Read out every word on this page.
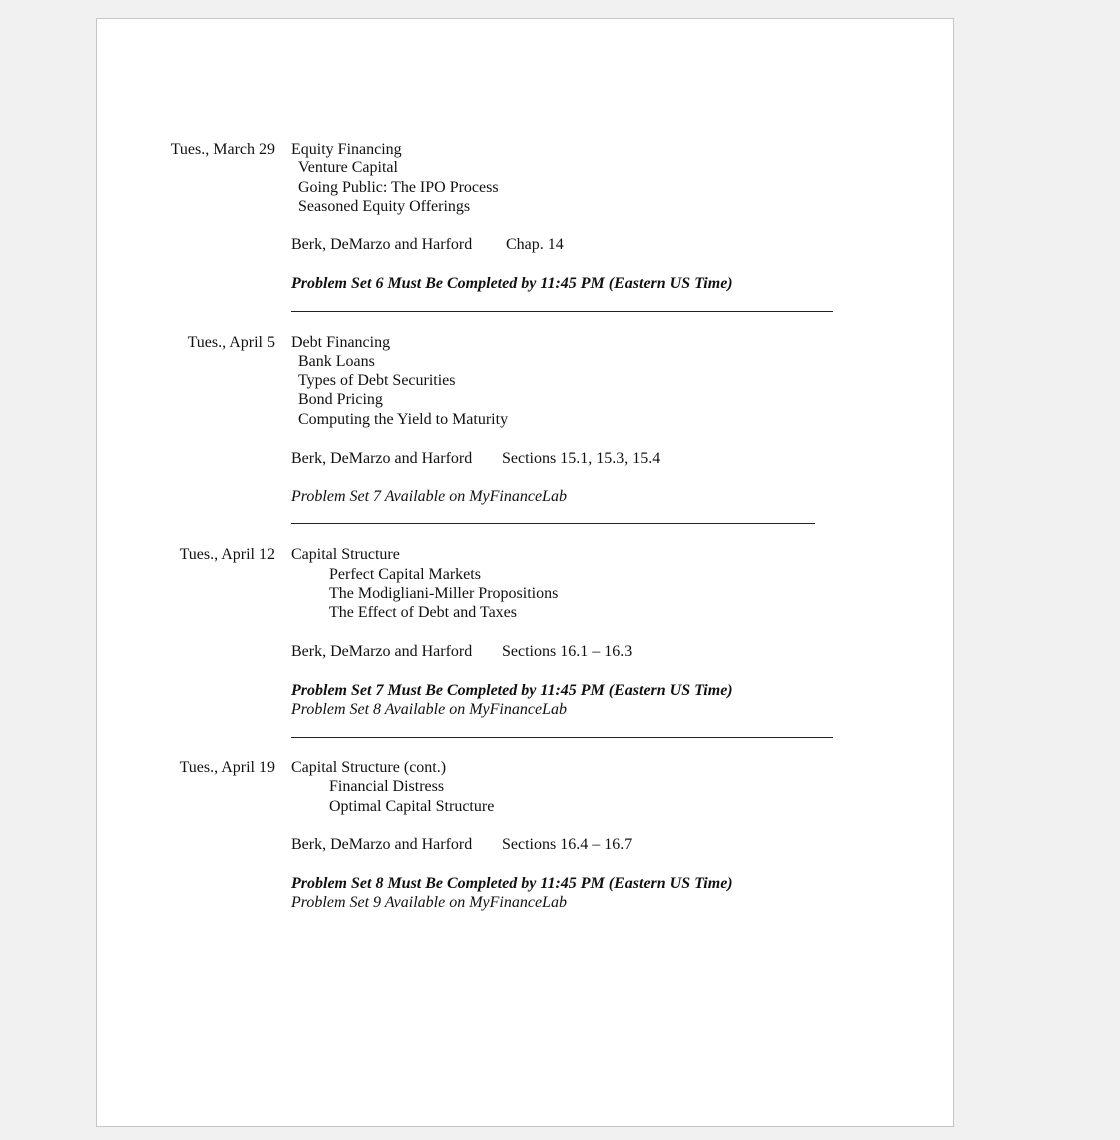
Tues., March 29 Equity Financing
Venture Capital
Going Public: The IPO Process
Seasoned Equity Offerings
Berk, DeMarzo and Harford Chap. 14
Problem Set 6 Must Be Completed by 11:45 PM (Eastern US Time)
Tues., April 5 Debt Financing
Bank Loans
Types of Debt Securities
Bond Pricing
Computing the Yield to Maturity
Berk, DeMarzo and Harford Sections 15.1, 15.3, 15.4
Problem Set 7 Available on MyFinanceLab
Tues., April 12 Capital Structure
Perfect Capital Markets
The Modigliani-Miller Propositions
The Effect of Debt and Taxes
Berk, DeMarzo and Harford Sections 16.1 – 16.3
Problem Set 7 Must Be Completed by 11:45 PM (Eastern US Time)
Problem Set 8 Available on MyFinanceLab
Tues., April 19 Capital Structure (cont.)
Financial Distress
Optimal Capital Structure
Berk, DeMarzo and Harford Sections 16.4 – 16.7
Problem Set 8 Must Be Completed by 11:45 PM (Eastern US Time)
Problem Set 9 Available on MyFinanceLab
